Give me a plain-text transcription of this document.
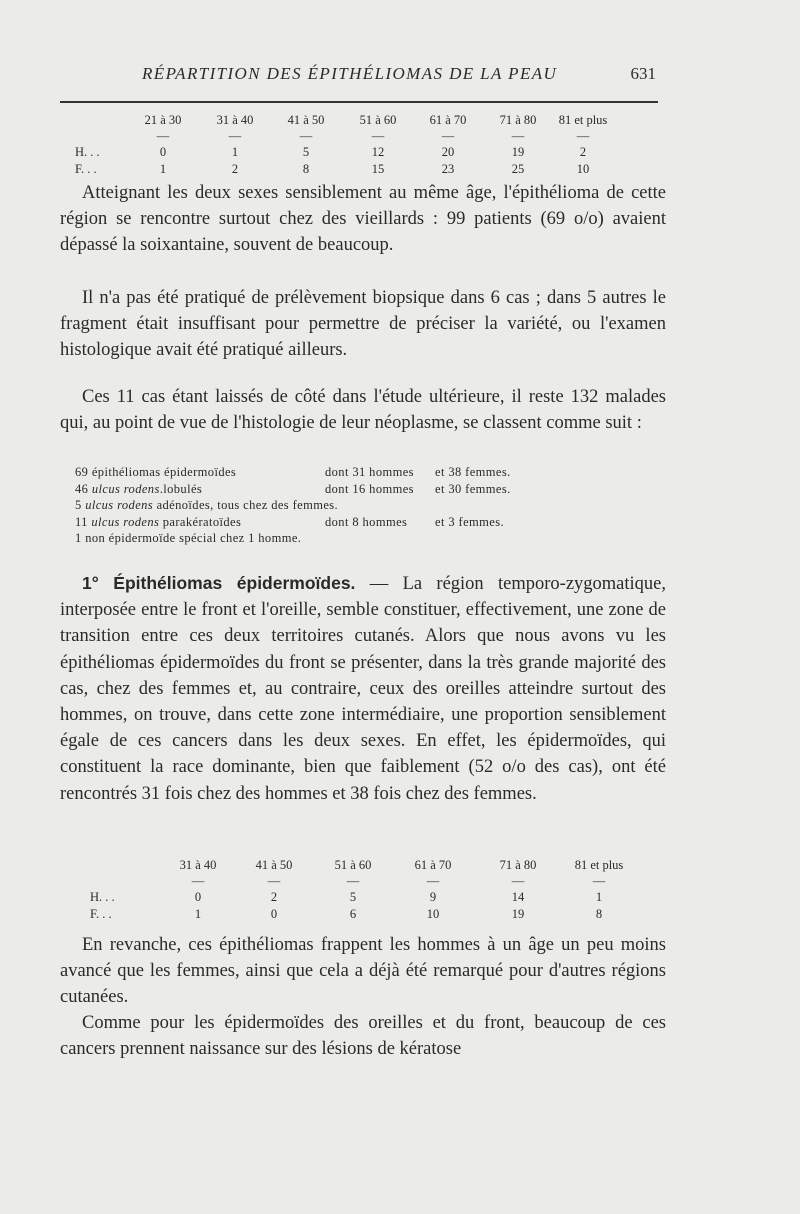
RÉPARTITION DES ÉPITHÉLIOMAS DE LA PEAU	631
	21 à 30	31 à 40	41 à 50	51 à 60	61 à 70	71 à 80	81 et plus
	—	—	—	—	—	—	—
H. . .	0	1	5	12	20	19	2
F. . .	1	2	8	15	23	25	10

Atteignant les deux sexes sensiblement au même âge, l'épithélioma de cette région se rencontre surtout chez des vieillards : 99 patients (69 o/o) avaient dépassé la soixantaine, souvent de beaucoup.

Il n'a pas été pratiqué de prélèvement biopsique dans 6 cas ; dans 5 autres le fragment était insuffisant pour permettre de préciser la variété, ou l'examen histologique avait été pratiqué ailleurs.

Ces 11 cas étant laissés de côté dans l'étude ultérieure, il reste 132 malades qui, au point de vue de l'histologie de leur néoplasme, se classent comme suit :

69 épithéliomas épidermoïdes	dont 31 hommes et 38 femmes.
46 ulcus rodens.lobulés	dont 16 hommes et 30 femmes.
5 ulcus rodens adénoïdes, tous chez des femmes.
11 ulcus rodens parakératoïdes	dont 8 hommes et 3 femmes.
1 non épidermoïde spécial chez 1 homme.

1° Épithéliomas épidermoïdes. — La région temporo-zygomatique, interposée entre le front et l'oreille, semble constituer, effectivement, une zone de transition entre ces deux territoires cutanés. Alors que nous avons vu les épithéliomas épidermoïdes du front se présenter, dans la très grande majorité des cas, chez des femmes et, au contraire, ceux des oreilles atteindre surtout des hommes, on trouve, dans cette zone intermédiaire, une proportion sensiblement égale de ces cancers dans les deux sexes. En effet, les épidermoïdes, qui constituent la race dominante, bien que faiblement (52 o/o des cas), ont été rencontrés 31 fois chez des hommes et 38 fois chez des femmes.

	31 à 40	41 à 50	51 à 60	61 à 70	71 à 80	81 et plus
	—	—	—	—	—	—
H. . .	0	2	5	9	14	1
F. . .	1	0	6	10	19	8

En revanche, ces épithéliomas frappent les hommes à un âge un peu moins avancé que les femmes, ainsi que cela a déjà été remarqué pour d'autres régions cutanées.

Comme pour les épidermoïdes des oreilles et du front, beaucoup de ces cancers prennent naissance sur des lésions de kératose
